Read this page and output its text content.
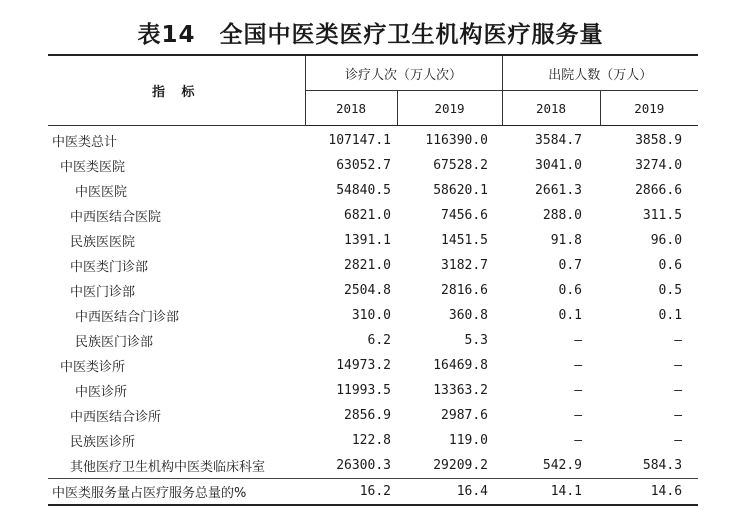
表14　全国中医类医疗卫生机构医疗服务量
指 标	诊疗人次（万人次）		出院人数（万人）	
	2018	2019	2018	2019
中医类总计	107147.1	116390.0	3584.7	3858.9
中医类医院	63052.7	67528.2	3041.0	3274.0
中医医院	54840.5	58620.1	2661.3	2866.6
中西医结合医院	6821.0	7456.6	288.0	311.5
民族医医院	1391.1	1451.5	91.8	96.0
中医类门诊部	2821.0	3182.7	0.7	0.6
中医门诊部	2504.8	2816.6	0.6	0.5
中西医结合门诊部	310.0	360.8	0.1	0.1
民族医门诊部	6.2	5.3	–	–
中医类诊所	14973.2	16469.8	–	–
中医诊所	11993.5	13363.2	–	–
中西医结合诊所	2856.9	2987.6	–	–
民族医诊所	122.8	119.0	–	–
其他医疗卫生机构中医类临床科室	26300.3	29209.2	542.9	584.3
中医类服务量占医疗服务总量的%	16.2	16.4	14.1	14.6
